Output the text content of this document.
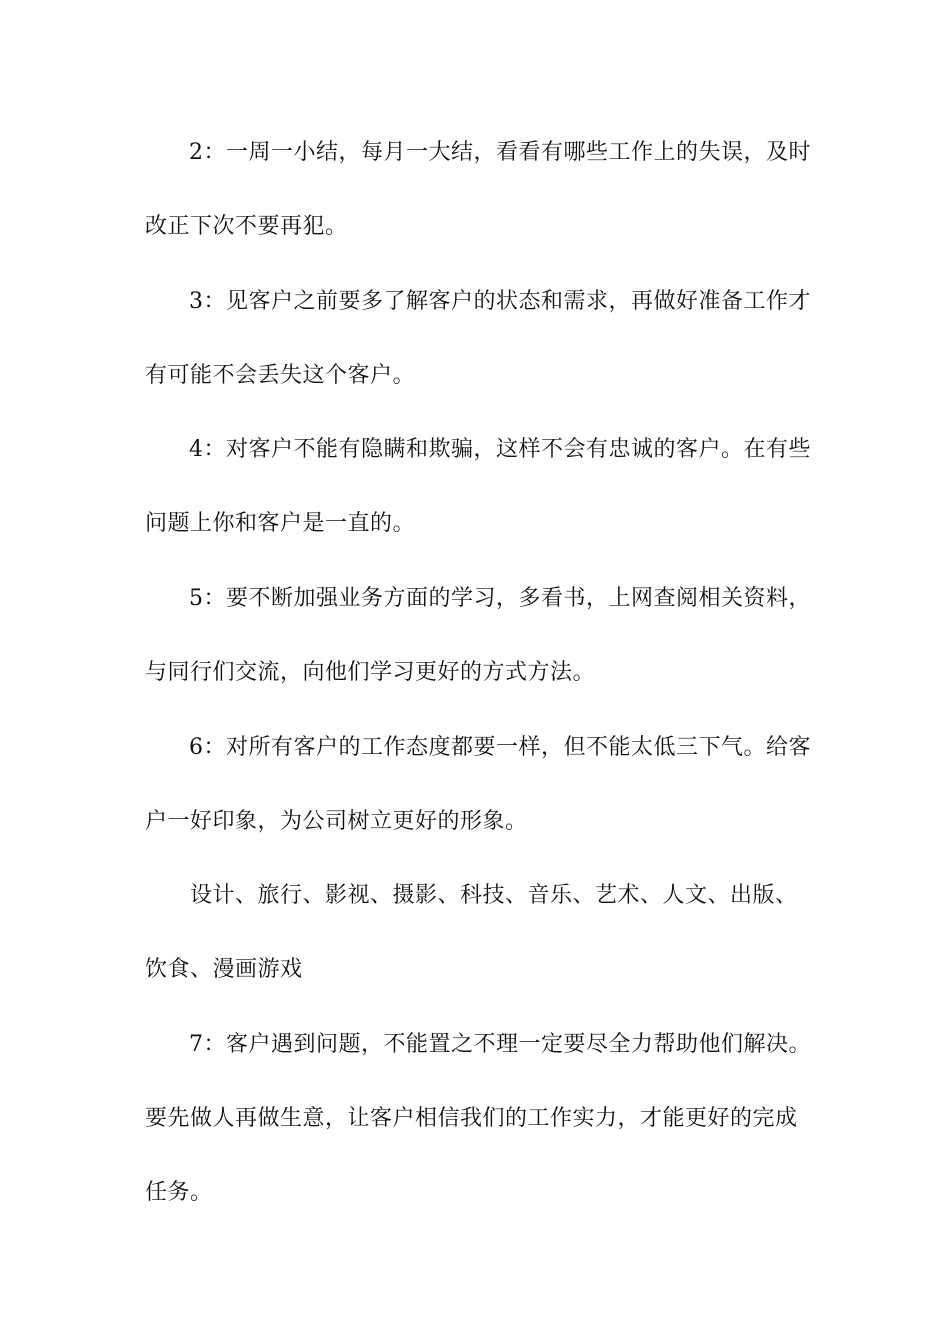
2：一周一小结，每月一大结，看看有哪些工作上的失误，及时
改正下次不要再犯。
3：见客户之前要多了解客户的状态和需求，再做好准备工作才
有可能不会丢失这个客户。
4：对客户不能有隐瞒和欺骗，这样不会有忠诚的客户。在有些
问题上你和客户是一直的。
5：要不断加强业务方面的学习，多看书，上网查阅相关资料，
与同行们交流，向他们学习更好的方式方法。
6：对所有客户的工作态度都要一样，但不能太低三下气。给客
户一好印象，为公司树立更好的形象。
设计、旅行、影视、摄影、科技、音乐、艺术、人文、出版、
饮食、漫画游戏
7：客户遇到问题，不能置之不理一定要尽全力帮助他们解决。
要先做人再做生意，让客户相信我们的工作实力，才能更好的完成
任务。
